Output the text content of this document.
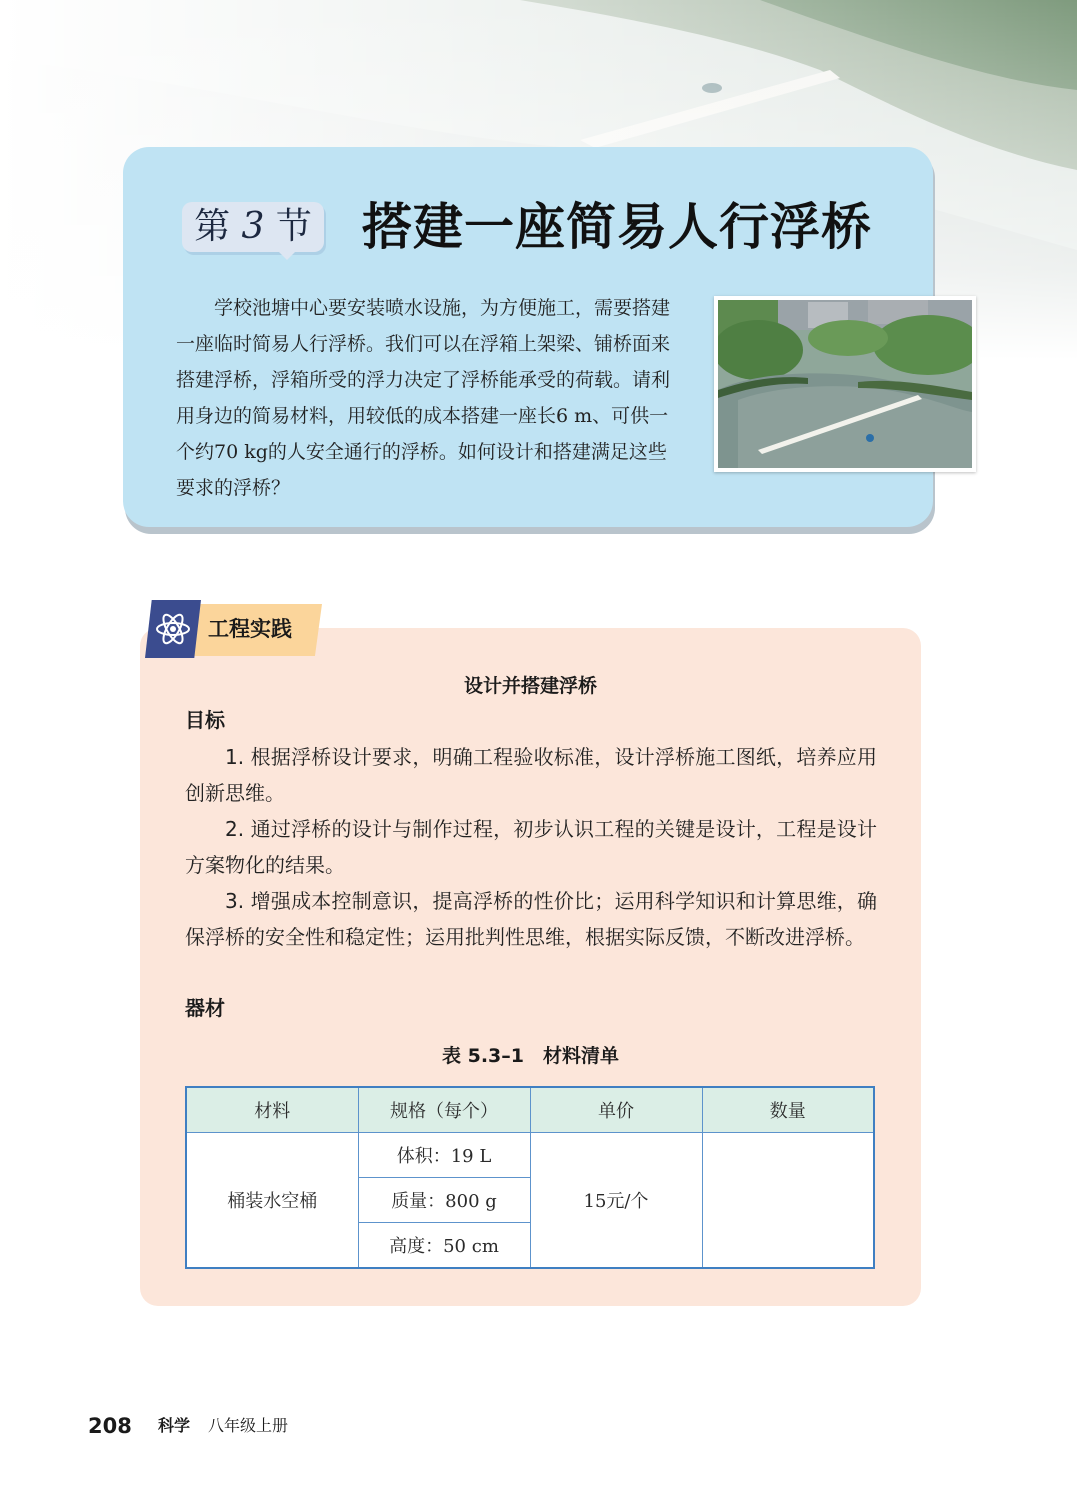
第 3 节 搭建一座简易人行浮桥

学校池塘中心要安装喷水设施，为方便施工，需要搭建一座临时简易人行浮桥。我们可以在浮箱上架梁、铺桥面来搭建浮桥，浮箱所受的浮力决定了浮桥能承受的荷载。请利用身边的简易材料，用较低的成本搭建一座长6 m、可供一个约70 kg的人安全通行的浮桥。如何设计和搭建满足这些要求的浮桥？

工程实践
设计并搭建浮桥
目标

1. 根据浮桥设计要求，明确工程验收标准，设计浮桥施工图纸，培养应用创新思维。

2. 通过浮桥的设计与制作过程，初步认识工程的关键是设计，工程是设计方案物化的结果。

3. 增强成本控制意识，提高浮桥的性价比；运用科学知识和计算思维，确保浮桥的安全性和稳定性；运用批判性思维，根据实际反馈，不断改进浮桥。

器材
表 5.3–1　材料清单
材料	规格（每个）	单价	数量
桶装水空桶	体积：19 L	15元/个	
	质量：800 g		
	高度：50 cm		
208 科学 八年级上册
